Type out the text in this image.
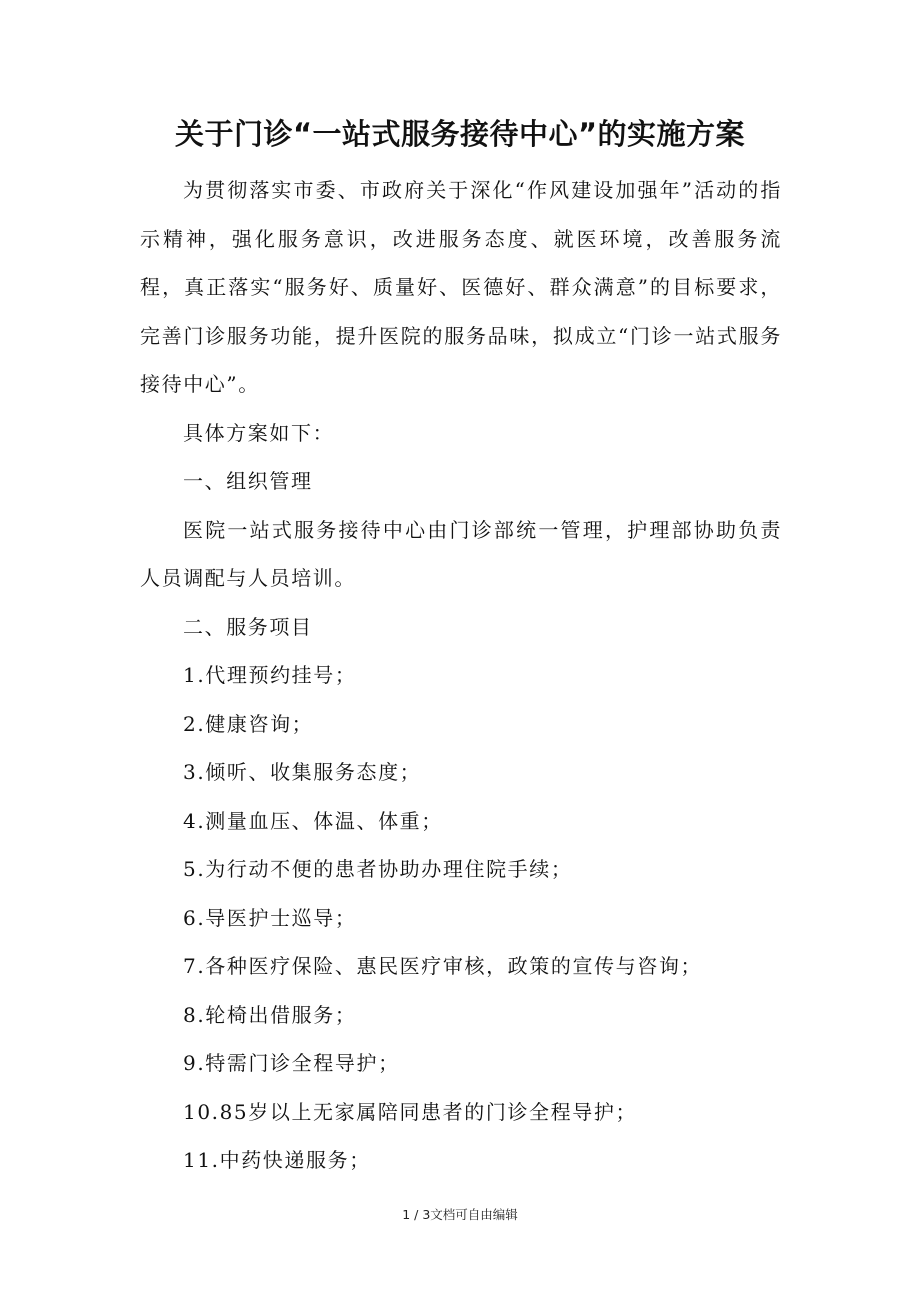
关于门诊“一站式服务接待中心”的实施方案

为贯彻落实市委、市政府关于深化“作风建设加强年”活动的指示精神，强化服务意识，改进服务态度、就医环境，改善服务流程，真正落实“服务好、质量好、医德好、群众满意”的目标要求，完善门诊服务功能，提升医院的服务品味，拟成立“门诊一站式服务接待中心”。

具体方案如下：

一、组织管理

医院一站式服务接待中心由门诊部统一管理，护理部协助负责人员调配与人员培训。

二、服务项目

1.代理预约挂号；

2.健康咨询；

3.倾听、收集服务态度；

4.测量血压、体温、体重；

5.为行动不便的患者协助办理住院手续；

6.导医护士巡导；

7.各种医疗保险、惠民医疗审核，政策的宣传与咨询；

8.轮椅出借服务；

9.特需门诊全程导护；

10.85岁以上无家属陪同患者的门诊全程导护；

11.中药快递服务；

1 / 3文档可自由编辑
